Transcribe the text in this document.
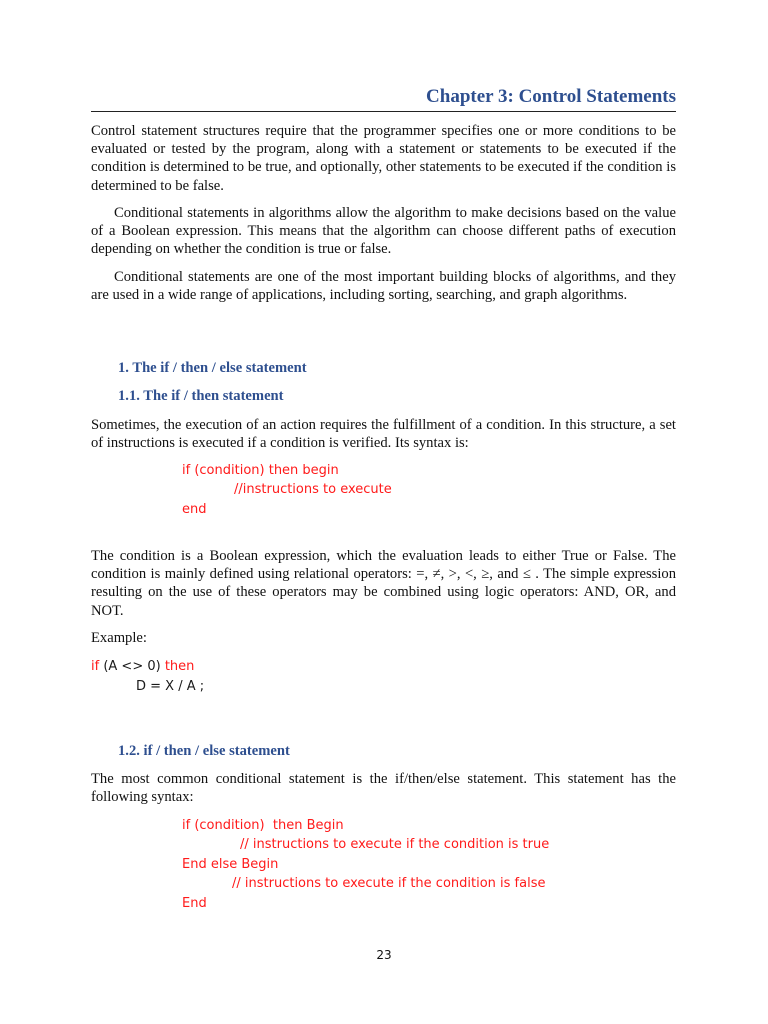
Chapter 3: Control Statements

Control statement structures require that the programmer specifies one or more conditions to be evaluated or tested by the program, along with a statement or statements to be executed if the condition is determined to be true, and optionally, other statements to be executed if the condition is determined to be false.

Conditional statements in algorithms allow the algorithm to make decisions based on the value of a Boolean expression. This means that the algorithm can choose different paths of execution depending on whether the condition is true or false.

Conditional statements are one of the most important building blocks of algorithms, and they are used in a wide range of applications, including sorting, searching, and graph algorithms.

1. The if / then / else statement
1.1. The if / then statement

Sometimes, the execution of an action requires the fulfillment of a condition. In this structure, a set of instructions is executed if a condition is verified. Its syntax is:

if (condition) then begin
//instructions to execute
end

The condition is a Boolean expression, which the evaluation leads to either True or False. The condition is mainly defined using relational operators: =, ≠, >, <, ≥, and ≤ . The simple expression resulting on the use of these operators may be combined using logic operators: AND, OR, and NOT.

Example:

if (A <> 0) then
D = X / A ;
1.2. if / then / else statement

The most common conditional statement is the if/then/else statement. This statement has the following syntax:

if (condition)  then Begin
// instructions to execute if the condition is true
End else Begin
// instructions to execute if the condition is false
End
23
